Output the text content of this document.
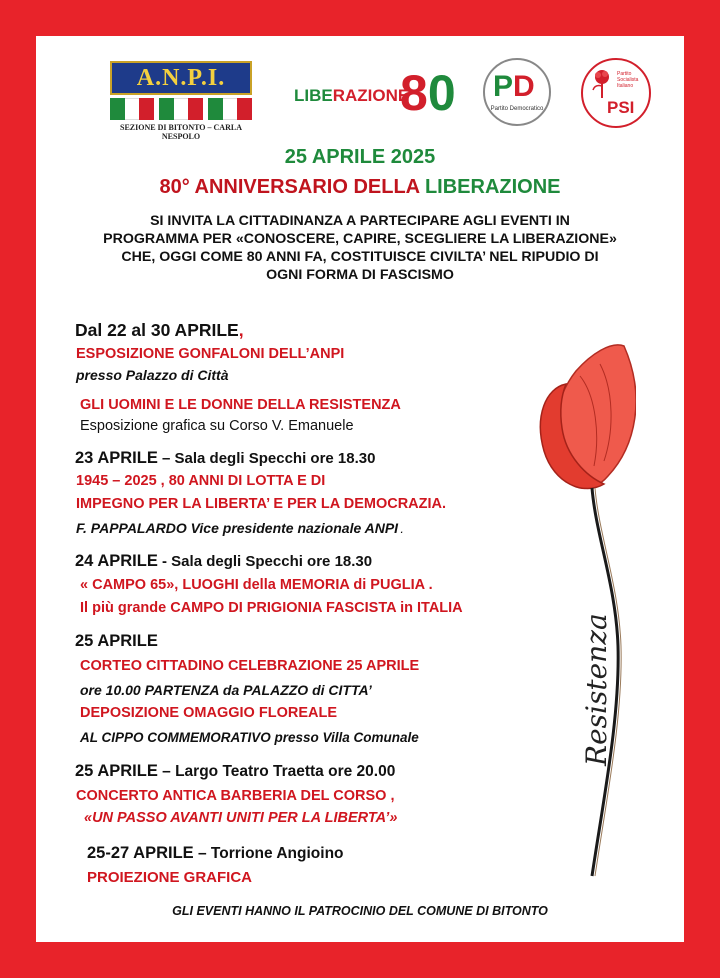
A.N.P.I.
SEZIONE DI BITONTO – CARLA NESPOLO
LIBERAZIONE
80 PD
Partito Democratico
Partito Socialista Italiano
PSI
25 APRILE 2025
80° ANNIVERSARIO DELLA LIBERAZIONE
SI INVITA LA CITTADINANZA A PARTECIPARE AGLI EVENTI IN
PROGRAMMA PER «CONOSCERE, CAPIRE, SCEGLIERE LA LIBERAZIONE»
CHE, OGGI COME 80 ANNI FA, COSTITUISCE CIVILTA’ NEL RIPUDIO DI
OGNI FORMA DI FASCISMO
Dal 22 al 30 APRILE,
ESPOSIZIONE GONFALONI DELL’ANPI
presso Palazzo di Città
GLI UOMINI E LE DONNE DELLA RESISTENZA
Esposizione grafica su Corso V. Emanuele
23 APRILE – Sala degli Specchi ore 18.30
1945 – 2025 , 80 ANNI DI LOTTA E DI
IMPEGNO PER LA LIBERTA’ E PER LA DEMOCRAZIA.
F. PAPPALARDO Vice presidente nazionale ANPI .
24 APRILE - Sala degli Specchi ore 18.30
« CAMPO 65», LUOGHI della MEMORIA di PUGLIA .
Il più grande CAMPO DI PRIGIONIA FASCISTA in ITALIA
25 APRILE
CORTEO CITTADINO CELEBRAZIONE 25 APRILE
ore 10.00 PARTENZA da PALAZZO di CITTA’
DEPOSIZIONE OMAGGIO FLOREALE
AL CIPPO COMMEMORATIVO presso Villa Comunale
25 APRILE – Largo Teatro Traetta ore 20.00
CONCERTO ANTICA BARBERIA DEL CORSO ,
«UN PASSO AVANTI UNITI PER LA LIBERTA’»
25-27 APRILE – Torrione Angioino
PROIEZIONE GRAFICA
Resistenza
GLI EVENTI HANNO IL PATROCINIO DEL COMUNE DI BITONTO
